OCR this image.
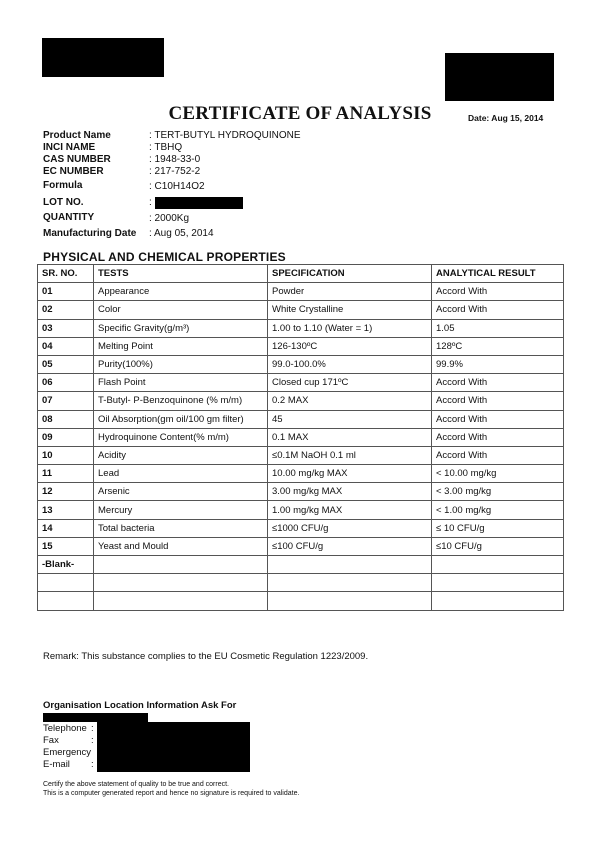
CERTIFICATE OF ANALYSIS	Date: Aug 15, 2014
Product Name	: TERT-BUTYL HYDROQUINONE
INCI NAME	: TBHQ
CAS NUMBER	: 1948-33-0
EC NUMBER	: 217-752-2
Formula	: C10H14O2
LOT NO.	:
QUANTITY	: 2000Kg
Manufacturing Date : Aug 05, 2014
PHYSICAL AND CHEMICAL PROPERTIES
SR. NO.	TESTS	SPECIFICATION	ANALYTICAL RESULT
01	Appearance	Powder	Accord With
02	Color	White Crystalline	Accord With
03	Specific Gravity(g/m³)	1.00 to 1.10 (Water = 1)	1.05
04	Melting Point	126-130ºC	128ºC
05	Purity(100%)	99.0-100.0%	99.9%
06	Flash Point	Closed cup 171ºC	Accord With
07	T-Butyl- P-Benzoquinone (% m/m)	0.2 MAX	Accord With
08	Oil Absorption(gm oil/100 gm filter)	45	Accord With
09	Hydroquinone Content(% m/m)	0.1 MAX	Accord With
10	Acidity	≤0.1M NaOH 0.1 ml	Accord With
11	Lead	10.00 mg/kg MAX	< 10.00 mg/kg
12	Arsenic	3.00 mg/kg MAX	< 3.00 mg/kg
13	Mercury	1.00 mg/kg MAX	< 1.00 mg/kg
14	Total bacteria	≤1000 CFU/g	≤ 10 CFU/g
15	Yeast and Mould	≤100 CFU/g	≤10 CFU/g
-Blank-			

Remark: This substance complies to the EU Cosmetic Regulation 1223/2009.
Organisation Location Information Ask For
Telephone :
Fax	:
Emergency
E-mail :
Certify the above statement of quality to be true and correct.
This is a computer generated report and hence no signature is required to validate.
